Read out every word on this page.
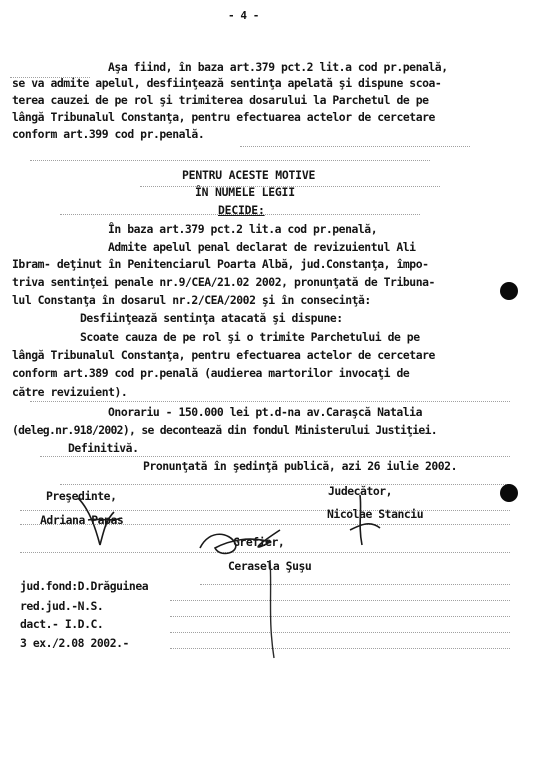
- 4 -
Aşa fiind, în baza art.379 pct.2 lit.a cod pr.penală,
se va admite apelul, desfiinţează sentinţa apelată şi dispune scoa-
terea cauzei de pe rol şi trimiterea dosarului la Parchetul de pe
lângă Tribunalul Constanţa, pentru efectuarea actelor de cercetare
conform art.399 cod pr.penală.
PENTRU ACESTE MOTIVE
ÎN NUMELE LEGII
DECIDE:
În baza art.379 pct.2 lit.a cod pr.penală,
Admite apelul penal declarat de revizuientul Ali
Ibram- deţinut în Penitenciarul Poarta Albă, jud.Constanţa, împo-
triva sentinţei penale nr.9/CEA/21.02 2002, pronunţată de Tribuna-
lul Constanţa în dosarul nr.2/CEA/2002 şi în consecinţă:
Desfiinţează sentinţa atacată şi dispune:
Scoate cauza de pe rol şi o trimite Parchetului de pe
lângă Tribunalul Constanţa, pentru efectuarea actelor de cercetare
conform art.389 cod pr.penală (audierea martorilor invocaţi de
către revizuient).
Onorariu - 150.000 lei pt.d-na av.Caraşcă Natalia
(deleg.nr.918/2002), se decontează din fondul Ministerului Justiţiei.
Definitivă.
Pronunţată în şedinţă publică, azi 26 iulie 2002.
Preşedinte,
Adriana Papas
Judecător,
Nicolae Stanciu
Grefier,
Cerasela Şuşu
jud.fond:D.Drăguinea
red.jud.-N.S.
dact.- I.D.C.
3 ex./2.08 2002.-
